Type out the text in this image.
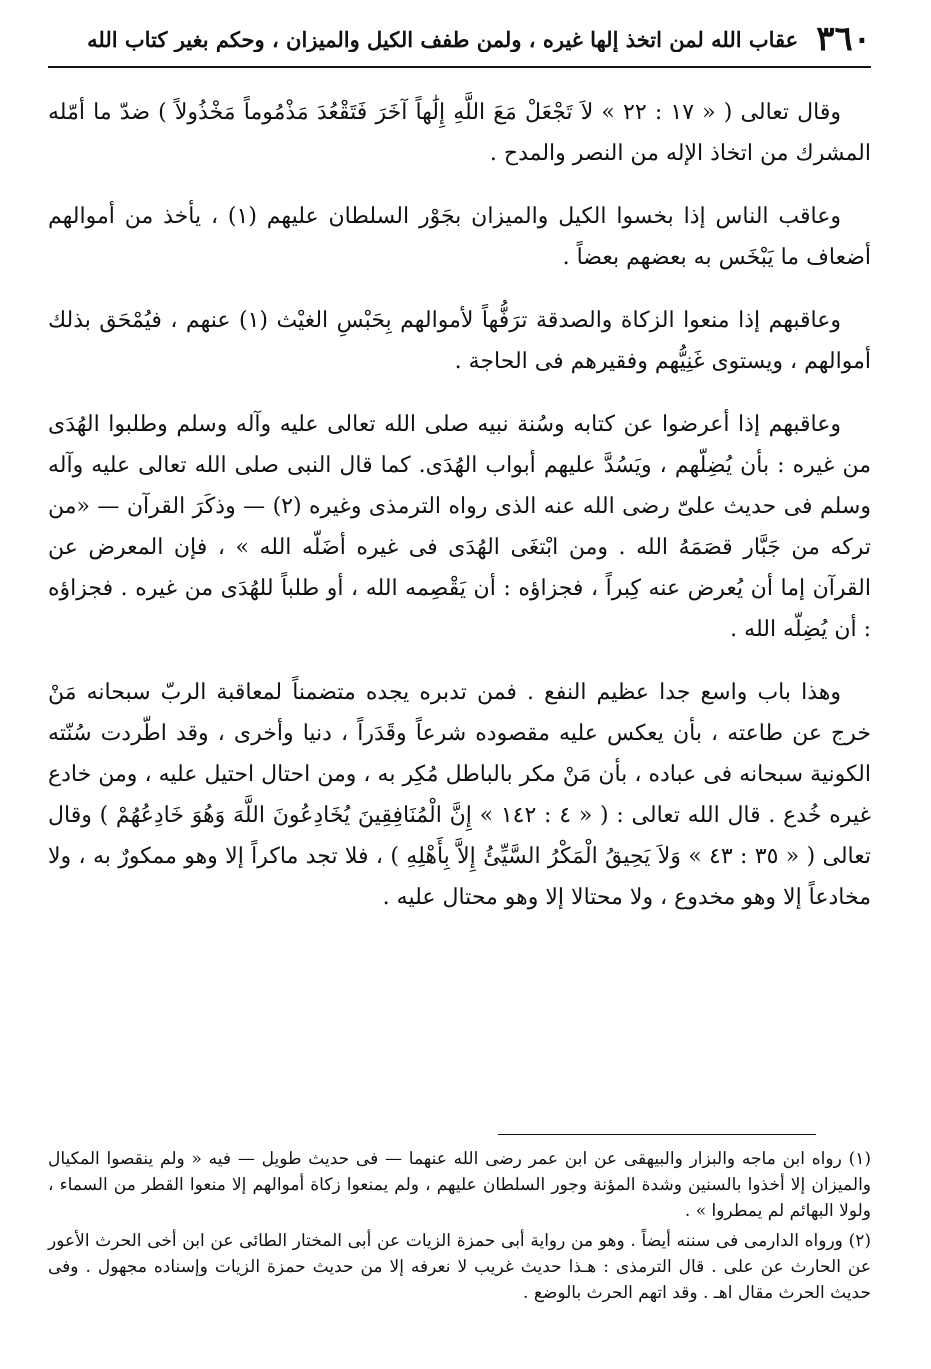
٣٦٠
عقاب الله لمن اتخذ إلها غيره ، ولمن طفف الكيل والميزان ، وحكم بغير كتاب الله

وقال تعالى ( « ١٧ : ٢٢ » لاَ تَجْعَلْ مَعَ اللَّهِ إِلَٰهاً آخَرَ فَتَقْعُدَ مَذْمُوماً مَخْذُولاً ) ضدّ ما أمّله المشرك من اتخاذ الإله من النصر والمدح .

وعاقب الناس إذا بخسوا الكيل والميزان بجَوْر السلطان عليهم (١) ، يأخذ من أموالهم أضعاف ما يَبْخَس به بعضهم بعضاً .

وعاقبهم إذا منعوا الزكاة والصدقة ترَفُّهاً لأموالهم بِحَبْسِ الغيْث (١) عنهم ، فيُمْحَق بذلك أموالهم ، ويستوى غَنِيُّهم وفقيرهم فى الحاجة .

وعاقبهم إذا أعرضوا عن كتابه وسُنة نبيه صلى الله تعالى عليه وآله وسلم وطلبوا الهُدَى من غيره : بأن يُضِلّهم ، ويَسُدَّ عليهم أبواب الهُدَى. كما قال النبى صلى الله تعالى عليه وآله وسلم فى حديث علىّ رضى الله عنه الذى رواه الترمذى وغيره (٢) — وذكَرَ القرآن — «من تركه من جَبَّار قصَمَهُ الله . ومن ابْتغَى الهُدَى فى غيره أضَلّه الله » ، فإن المعرض عن القرآن إما أن يُعرض عنه كِبراً ، فجزاؤه : أن يَقْصِمه الله ، أو طلباً للهُدَى من غيره . فجزاؤه : أن يُضِلّه الله .

وهذا باب واسع جدا عظيم النفع . فمن تدبره يجده متضمناً لمعاقبة الربّ سبحانه مَنْ خرج عن طاعته ، بأن يعكس عليه مقصوده شرعاً وقَدَراً ، دنيا وأخرى ، وقد اطّردت سُنّته الكونية سبحانه فى عباده ، بأن مَنْ مكر بالباطل مُكِر به ، ومن احتال احتيل عليه ، ومن خادع غيره خُدع . قال الله تعالى : ( « ٤ : ١٤٢ » إِنَّ الْمُنَافِقِينَ يُخَادِعُونَ اللَّهَ وَهُوَ خَادِعُهُمْ ) وقال تعالى ( « ٣٥ : ٤٣ » وَلاَ يَحِيقُ الْمَكْرُ السَّيِّئُ إِلاَّ بِأَهْلِهِ ) ، فلا تجد ماكراً إلا وهو ممكورٌ به ، ولا مخادعاً إلا وهو مخدوع ، ولا محتالا إلا وهو محتال عليه .

(١) رواه ابن ماجه والبزار والبيهقى عن ابن عمر رضى الله عنهما — فى حديث طويل — فيه « ولم ينقصوا المكيال والميزان إلا أخذوا بالسنين وشدة المؤنة وجور السلطان عليهم ، ولم يمنعوا زكاة أموالهم إلا منعوا القطر من السماء ، ولولا البهائم لم يمطروا » .

(٢) ورواه الدارمى فى سننه أيضاً . وهو من رواية أبى حمزة الزيات عن أبى المختار الطائى عن ابن أخى الحرث الأعور عن الحارث عن على . قال الترمذى : هـذا حديث غريب لا نعرفه إلا من حديث حمزة الزيات وإسناده مجهول . وفى حديث الحرث مقال اهـ . وقد اتهم الحرث بالوضع .
